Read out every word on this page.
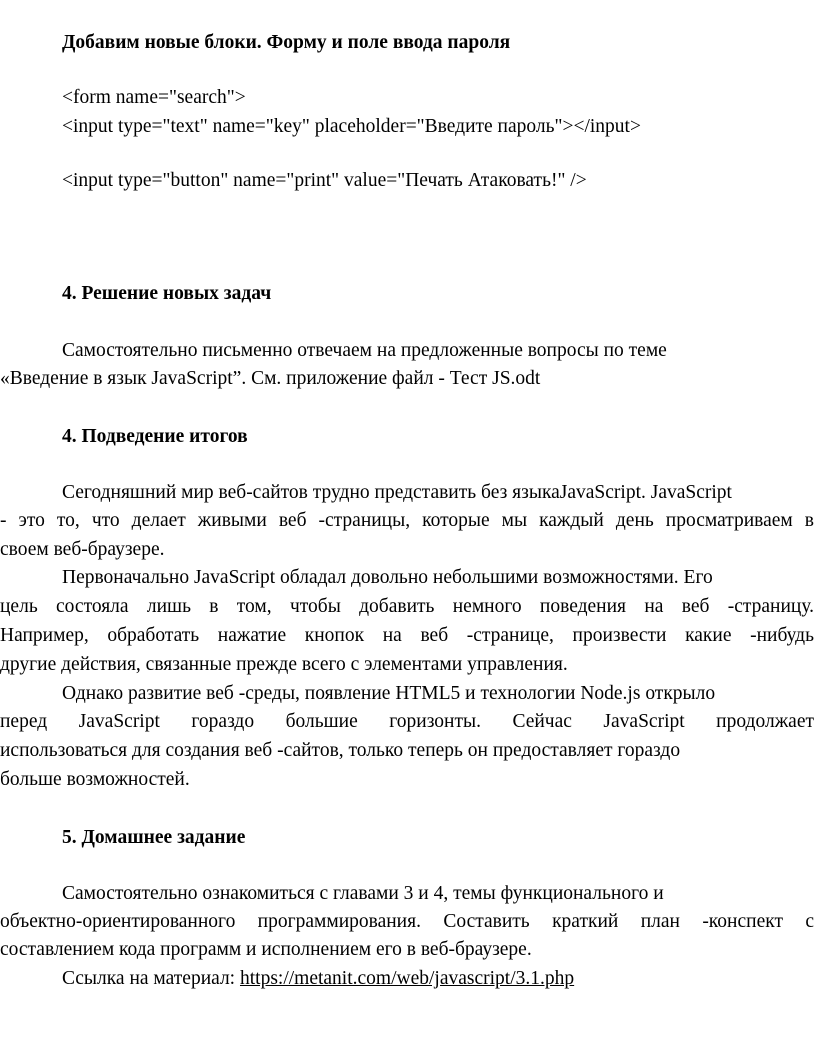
Добавим новые блоки. Форму и поле ввода пароля
<form name="search">
<input type="text" name="key" placeholder="Введите пароль"></input>
<input type="button" name="print" value="Печать Атаковать!" />
4. Решение новых задач
Самостоятельно письменно отвечаем на предложенные вопросы по теме
«Введение в язык JavaScript”. См. приложение файл - Тест JS.odt
4. Подведение итогов
Сегодняшний мир веб-сайтов трудно представить без языкаJavaScript. JavaScript
- это то, что делает живыми веб -страницы, которые мы каждый день просматриваем в
своем веб-браузере.
Первоначально JavaScript обладал довольно небольшими возможностями. Его
цель состояла лишь в том, чтобы добавить немного поведения на веб -страницу.
Например, обработать нажатие кнопок на веб -странице, произвести какие -нибудь
другие действия, связанные прежде всего с элементами управления.
Однако развитие веб -среды, появление HTML5 и технологии Node.js открыло
перед JavaScript гораздо большие горизонты. Сейчас JavaScript продолжает
использоваться для создания веб -сайтов, только теперь он предоставляет гораздо
больше возможностей.
5. Домашнее задание
Самостоятельно ознакомиться с главами 3 и 4, темы функционального и
объектно-ориентированного программирования. Составить краткий план -конспект с
составлением кода программ и исполнением его в веб-браузере.
Ссылка на материал: https://metanit.com/web/javascript/3.1.php
